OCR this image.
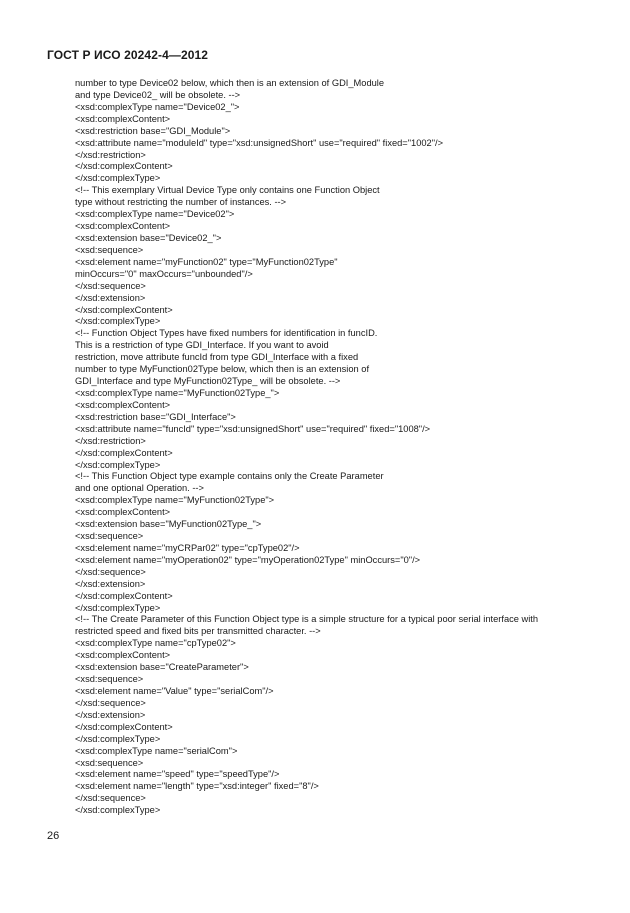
ГОСТ Р ИСО 20242-4—2012
number to type Device02 below, which then is an extension of GDI_Module
and type Device02_ will be obsolete. -->
<xsd:complexType name="Device02_">
<xsd:complexContent>
<xsd:restriction base="GDI_Module">
<xsd:attribute name="moduleId" type="xsd:unsignedShort" use="required" fixed="1002"/>
</xsd:restriction>
</xsd:complexContent>
</xsd:complexType>
<!-- This exemplary Virtual Device Type only contains one Function Object
type without restricting the number of instances. -->
<xsd:complexType name="Device02">
<xsd:complexContent>
<xsd:extension base="Device02_">
<xsd:sequence>
<xsd:element name="myFunction02" type="MyFunction02Type"
minOccurs="0" maxOccurs="unbounded"/>
</xsd:sequence>
</xsd:extension>
</xsd:complexContent>
</xsd:complexType>
<!-- Function Object Types have fixed numbers for identification in funcID.
This is a restriction of type GDI_Interface. If you want to avoid
restriction, move attribute funcId from type GDI_Interface with a fixed
number to type MyFunction02Type below, which then is an extension of
GDI_Interface and type MyFunction02Type_ will be obsolete. -->
<xsd:complexType name="MyFunction02Type_">
<xsd:complexContent>
<xsd:restriction base="GDI_Interface">
<xsd:attribute name="funcId" type="xsd:unsignedShort" use="required" fixed="1008"/>
</xsd:restriction>
</xsd:complexContent>
</xsd:complexType>
<!-- This Function Object type example contains only the Create Parameter
and one optional Operation. -->
<xsd:complexType name="MyFunction02Type">
<xsd:complexContent>
<xsd:extension base="MyFunction02Type_">
<xsd:sequence>
<xsd:element name="myCRPar02" type="cpType02"/>
<xsd:element name="myOperation02" type="myOperation02Type" minOccurs="0"/>
</xsd:sequence>
</xsd:extension>
</xsd:complexContent>
</xsd:complexType>
<!-- The Create Parameter of this Function Object type is a simple structure for a typical poor serial interface with
restricted speed and fixed bits per transmitted character. -->
<xsd:complexType name="cpType02">
<xsd:complexContent>
<xsd:extension base="CreateParameter">
<xsd:sequence>
<xsd:element name="Value" type="serialCom"/>
</xsd:sequence>
</xsd:extension>
</xsd:complexContent>
</xsd:complexType>
<xsd:complexType name="serialCom">
<xsd:sequence>
<xsd:element name="speed" type="speedType"/>
<xsd:element name="length" type="xsd:integer" fixed="8"/>
</xsd:sequence>
</xsd:complexType>
26
